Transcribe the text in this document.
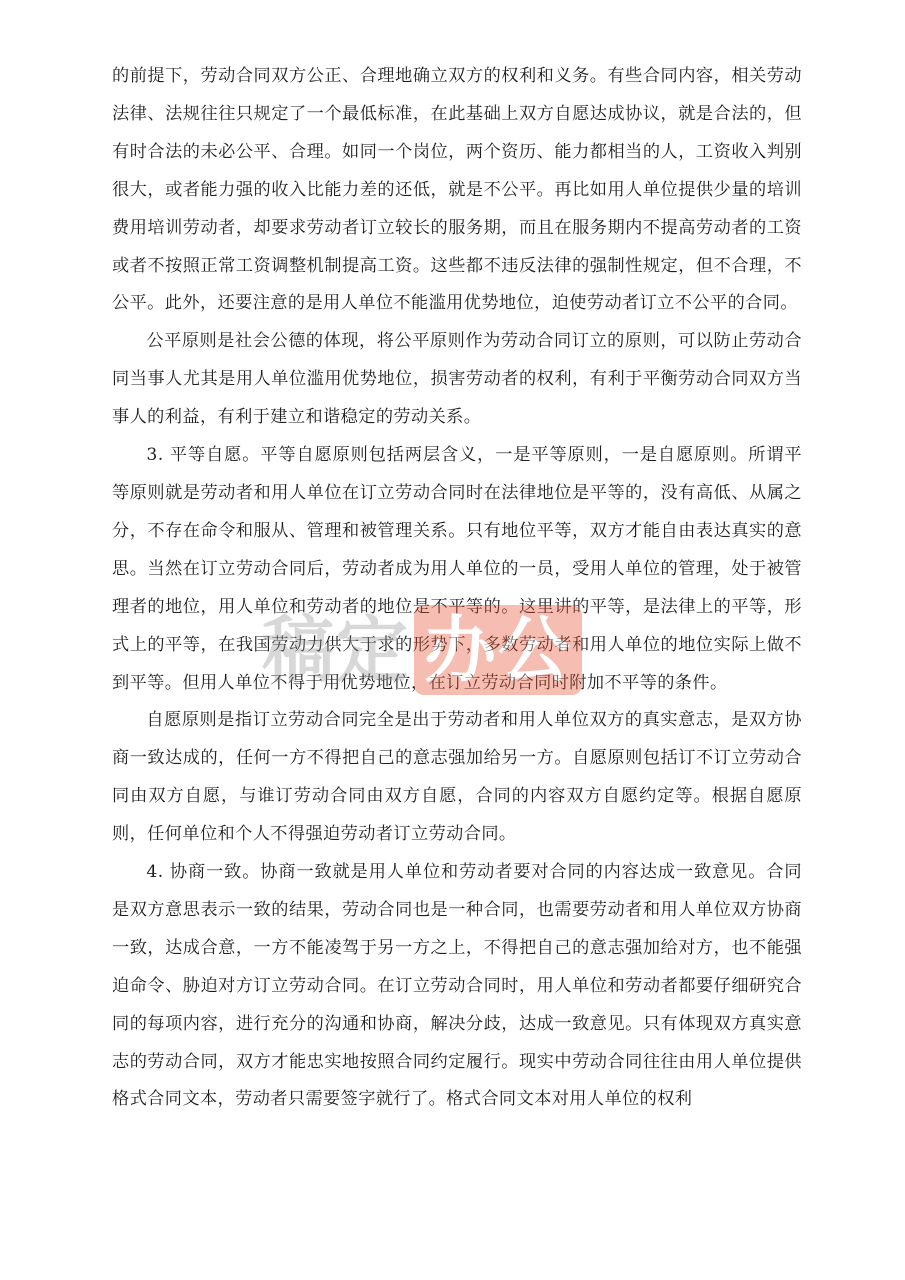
的前提下，劳动合同双方公正、合理地确立双方的权利和义务。有些合同内容，相关劳动法律、法规往往只规定了一个最低标准，在此基础上双方自愿达成协议，就是合法的，但有时合法的未必公平、合理。如同一个岗位，两个资历、能力都相当的人，工资收入判别很大，或者能力强的收入比能力差的还低，就是不公平。再比如用人单位提供少量的培训费用培训劳动者，却要求劳动者订立较长的服务期，而且在服务期内不提高劳动者的工资或者不按照正常工资调整机制提高工资。这些都不违反法律的强制性规定，但不合理，不公平。此外，还要注意的是用人单位不能滥用优势地位，迫使劳动者订立不公平的合同。

公平原则是社会公德的体现，将公平原则作为劳动合同订立的原则，可以防止劳动合同当事人尤其是用人单位滥用优势地位，损害劳动者的权利，有利于平衡劳动合同双方当事人的利益，有利于建立和谐稳定的劳动关系。

3. 平等自愿。平等自愿原则包括两层含义，一是平等原则，一是自愿原则。所谓平等原则就是劳动者和用人单位在订立劳动合同时在法律地位是平等的，没有高低、从属之分，不存在命令和服从、管理和被管理关系。只有地位平等，双方才能自由表达真实的意思。当然在订立劳动合同后，劳动者成为用人单位的一员，受用人单位的管理，处于被管理者的地位，用人单位和劳动者的地位是不平等的。这里讲的平等，是法律上的平等，形式上的平等，在我国劳动力供大于求的形势下，多数劳动者和用人单位的地位实际上做不到平等。但用人单位不得于用优势地位，在订立劳动合同时附加不平等的条件。

自愿原则是指订立劳动合同完全是出于劳动者和用人单位双方的真实意志，是双方协商一致达成的，任何一方不得把自己的意志强加给另一方。自愿原则包括订不订立劳动合同由双方自愿，与谁订劳动合同由双方自愿，合同的内容双方自愿约定等。根据自愿原则，任何单位和个人不得强迫劳动者订立劳动合同。

4. 协商一致。协商一致就是用人单位和劳动者要对合同的内容达成一致意见。合同是双方意思表示一致的结果，劳动合同也是一种合同，也需要劳动者和用人单位双方协商一致，达成合意，一方不能凌驾于另一方之上，不得把自己的意志强加给对方，也不能强迫命令、胁迫对方订立劳动合同。在订立劳动合同时，用人单位和劳动者都要仔细研究合同的每项内容，进行充分的沟通和协商，解决分歧，达成一致意见。只有体现双方真实意志的劳动合同，双方才能忠实地按照合同约定履行。现实中劳动合同往往由用人单位提供格式合同文本，劳动者只需要签字就行了。格式合同文本对用人单位的权利

稿定 办公
